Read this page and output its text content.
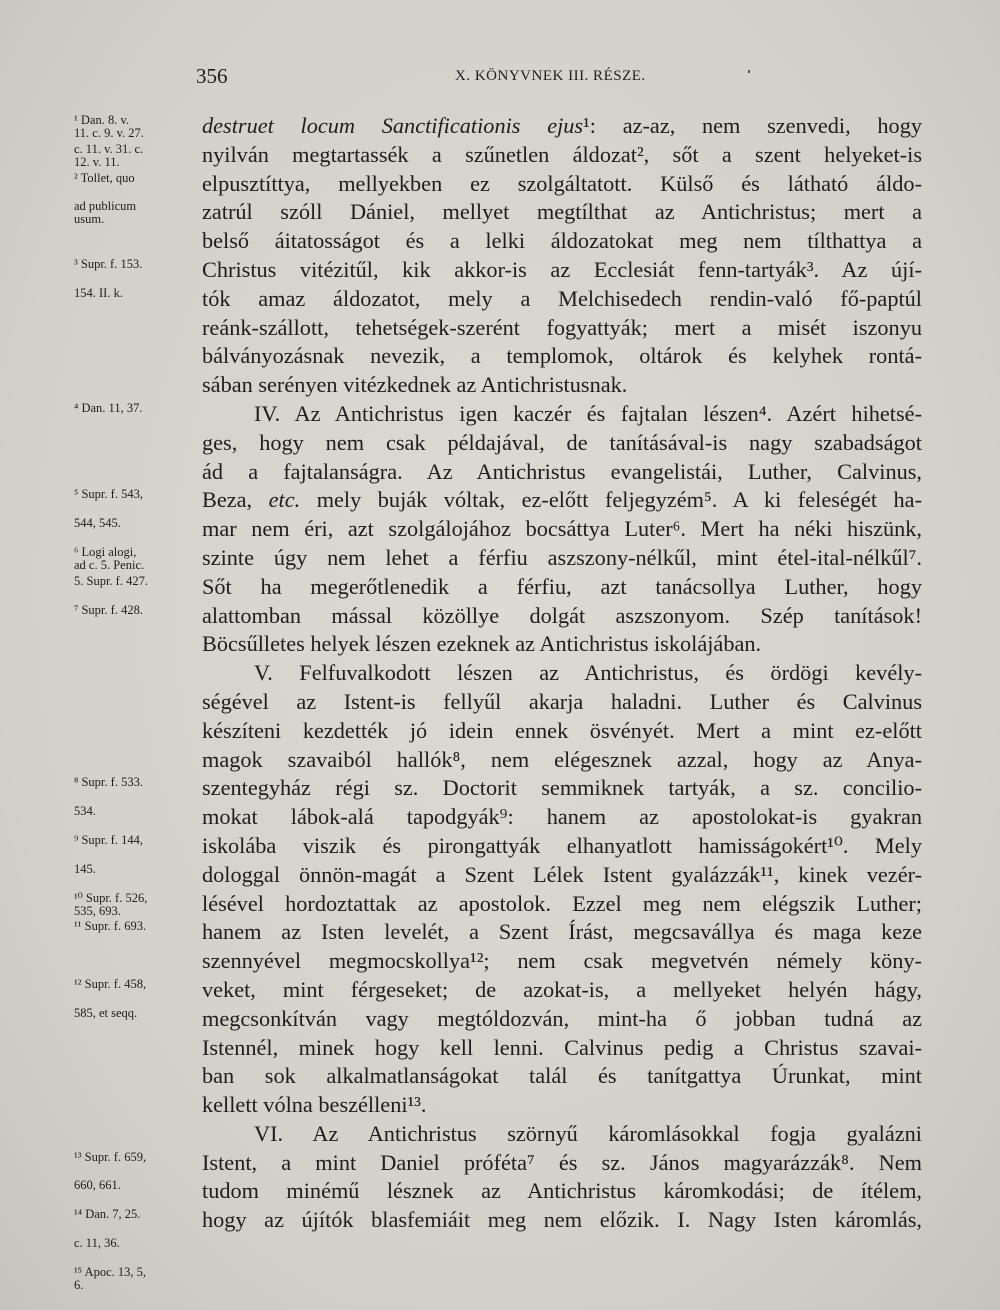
356	X. KÖNYVNEK III. RÉSZE.
¹ Dan. 8. v.
11. c. 9. v. 27.
c. 11. v. 31. c.
12. v. 11.
² Tollet, quo
ad publicum
usum.
³ Supr. f. 153.
154. II. k.
⁴ Dan. 11, 37.
⁵ Supr. f. 543,
544, 545.
⁶ Logi alogi,
ad c. 5. Penic.
5. Supr. f. 427.
⁷ Supr. f. 428.
⁸ Supr. f. 533.
534.
⁹ Supr. f. 144,
145.
¹⁰ Supr. f. 526,
535, 693.
¹¹ Supr. f. 693.
¹² Supr. f. 458,
585, et seqq.
¹³ Supr. f. 659,
660, 661.
¹⁴ Dan. 7, 25.
c. 11, 36.
¹⁵ Apoc. 13, 5,
6.
destruet locum Sanctificationis ejus¹: az-az, nem szenvedi, hogy
nyilván megtartassék a szűnetlen áldozat², sőt a szent helyeket-is
elpusztíttya, mellyekben ez szolgáltatott. Külső és látható áldo-
zatrúl szóll Dániel, mellyet megtílthat az Antichristus; mert a
belső áitatosságot és a lelki áldozatokat meg nem tílthattya a
Christus vitézitűl, kik akkor-is az Ecclesiát fenn-tartyák³. Az újí-
tók amaz áldozatot, mely a Melchisedech rendin-való fő-paptúl
reánk-szállott, tehetségek-szerént fogyattyák; mert a misét iszonyu
bálványozásnak nevezik, a templomok, oltárok és kelyhek rontá-
sában serényen vitézkednek az Antichristusnak.
IV. Az Antichristus igen kaczér és fajtalan lészen⁴. Azért hihetsé-
ges, hogy nem csak példajával, de tanításával-is nagy szabadságot
ád a fajtalanságra. Az Antichristus evangelistái, Luther, Calvinus,
Beza, etc. mely buják vóltak, ez-előtt feljegyzém⁵. A ki feleségét ha-
mar nem éri, azt szolgálojához bocsáttya Luter⁶. Mert ha néki hiszünk,
szinte úgy nem lehet a férfiu aszszony-nélkűl, mint étel-ital-nélkűl⁷.
Sőt ha megerőtlenedik a férfiu, azt tanácsollya Luther, hogy
alattomban mással közöllye dolgát aszszonyom. Szép tanítások!
Böcsűlletes helyek lészen ezeknek az Antichristus iskolájában.
V. Felfuvalkodott lészen az Antichristus, és ördögi kevély-
ségével az Istent-is fellyűl akarja haladni. Luther és Calvinus
készíteni kezdették jó idein ennek ösvényét. Mert a mint ez-előtt
magok szavaiból hallók⁸, nem elégesznek azzal, hogy az Anya-
szentegyház régi sz. Doctorit semmiknek tartyák, a sz. concilio-
mokat lábok-alá tapodgyák⁹: hanem az apostolokat-is gyakran
iskolába viszik és pirongattyák elhanyatlott hamisságokért¹⁰. Mely
dologgal önnön-magát a Szent Lélek Istent gyalázzák¹¹, kinek vezér-
lésével hordoztattak az apostolok. Ezzel meg nem elégszik Luther;
hanem az Isten levelét, a Szent Írást, megcsavállya és maga keze
szennyével megmocskollya¹²; nem csak megvetvén némely köny-
veket, mint férgeseket; de azokat-is, a mellyeket helyén hágy,
megcsonkítván vagy megtóldozván, mint-ha ő jobban tudná az
Istennél, minek hogy kell lenni. Calvinus pedig a Christus szavai-
ban sok alkalmatlanságokat talál és tanítgattya Úrunkat, mint
kellett vólna beszélleni¹³.
VI. Az Antichristus szörnyű káromlásokkal fogja gyalázni
Istent, a mint Daniel próféta⁷ és sz. János magyarázzák⁸. Nem
tudom minémű lésznek az Antichristus káromkodási; de ítélem,
hogy az újítók blasfemiáit meg nem előzik. I. Nagy Isten káromlás,
